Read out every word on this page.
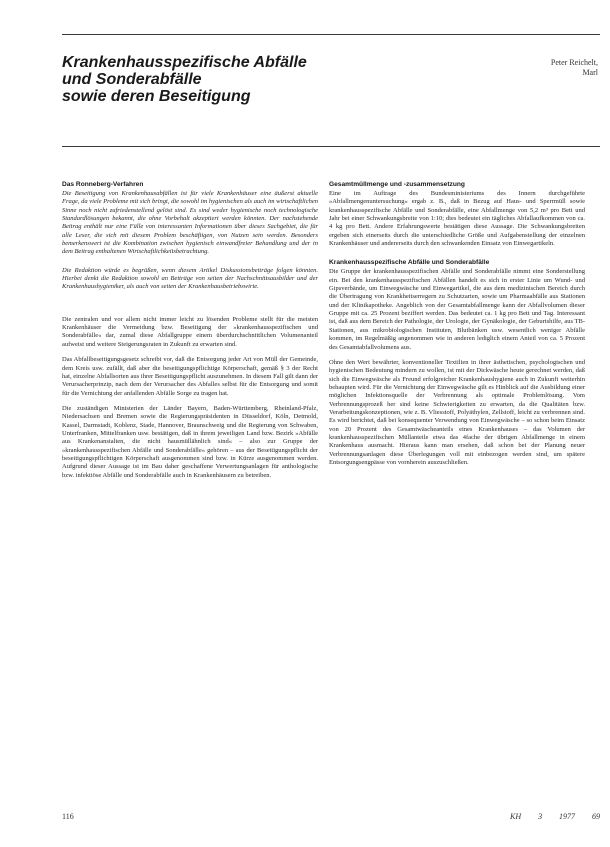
Krankenhausspezifische Abfälle
und Sonderabfälle
sowie deren Beseitigung
Peter Reichelt,
Marl
Das Ronneberg-Verfahren

Die Beseitigung von Krankenhausabfällen ist für viele Krankenhäuser eine äußerst aktuelle Frage, da viele Probleme mit sich bringt, die sowohl im hygienischen als auch im wirtschaftlichen Sinne noch nicht zufriedenstellend gelöst sind. Es sind weder hygienische noch technologische Standardlösungen bekannt, die ohne Vorbehalt akzeptiert werden könnten. Der nachstehende Beitrag enthält nur eine Fülle von interessanten Informationen über dieses Sachgebiet, die für alle Leser, die sich mit diesem Problem beschäftigen, von Nutzen sein werden. Besonders bemerkenswert ist die Kombination zwischen hygienisch einwandfreier Behandlung und der in dem Beitrag enthaltenen Wirtschaftlichkeitsbetrachtung.

Die Redaktion würde es begrüßen, wenn diesem Artikel Diskussionsbeiträge folgen könnten. Hierbei denkt die Redaktion sowohl an Beiträge von seiten der Nachschnittsausbilder und der Krankenhaushygieniker, als auch von seiten der Krankenhausbetriebswirte.

Die zentralen und vor allem nicht immer leicht zu lösenden Probleme stellt für die meisten Krankenhäuser die Vermeidung bzw. Beseitigung der »krankenhausspezifischen und Sonderabfälle« dar, zumal diese Abfallgruppe einem überdurchschnittlichen Volumenanteil aufweist und weitere Steigerungsraten in Zukunft zu erwarten sind.

Das Abfallbeseitigungsgesetz schreibt vor, daß die Entsorgung jeder Art von Müll der Gemeinde, dem Kreis usw. zufällt, daß aber die beseitigungspflichtige Körperschaft, gemäß § 3 der Recht hat, einzelne Abfallsorten aus ihrer Beseitigungspflicht auszunehmen. In diesem Fall gilt dann der Verursacherprinzip, nach dem der Verursacher des Abfalles selbst für die Entsorgung und somit für die Vernichtung der anfallenden Abfälle Sorge zu tragen hat.

Die zuständigen Ministerien der Länder Bayern, Baden-Württemberg, Rheinland-Pfalz, Niedersachsen und Bremen sowie die Regierungspräsidenten in Düsseldorf, Köln, Detmold, Kassel, Darmstadt, Koblenz, Stade, Hannover, Braunschweig und die Regierung von Schwaben, Unterfranken, Mittelfranken usw. bestätigen, daß in ihrem jeweiligen Land bzw. Bezirk »Abfälle aus Krankenanstalten, die nicht hausmüllähnlich sind« – also zur Gruppe der »krankenhausspezifischen Abfälle und Sonderabfälle« gehören – aus der Beseitigungspflicht der beseitigungspflichtigen Körperschaft ausgenommen sind bzw. in Kürze ausgenommen werden. Aufgrund dieser Aussage ist im Bau daher geschaffene Verwertungsanlagen für anthologische bzw. infektiöse Abfälle und Sonderabfälle auch in Krankenhäusern zu betreiben.

Gesamtmüllmenge und -zusammensetzung

Eine im Auftrage des Bundesministeriums des Innern durchgeführte »Abfallmengenuntersuchung« ergab z. B., daß in Bezug auf Haus- und Sperrmüll sowie krankenhausspezifische Abfälle und Sonderabfälle, eine Abfallmenge von 5,2 m³ pro Bett und Jahr bei einer Schwankungsbreite von 1:10; dies bedeutet ein tägliches Abfallaufkommen von ca. 4 kg pro Bett. Andere Erfahrungswerte bestätigen diese Aussage. Die Schwankungsbreiten ergeben sich einerseits durch die unterschiedliche Größe und Aufgabenstellung der einzelnen Krankenhäuser und andererseits durch den schwankenden Einsatz von Einwegartikeln.

Krankenhausspezifische Abfälle und Sonderabfälle

Die Gruppe der krankenhausspezifischen Abfälle und Sonderabfälle nimmt eine Sonderstellung ein. Bei den krankenhausspezifischen Abfällen handelt es sich in erster Linie um Wund- und Gipsverbände, um Einwegwäsche und Einwegartikel, die aus dem medizinischen Bereich durch die Übertragung von Krankheitserregern zu Schutzarten, sowie um Pharmaabfälle aus Stationen und der Klinikapotheke. Angeblich von der Gesamtabfallmenge kann der Abfallvolumen dieser Gruppe mit ca. 25 Prozent beziffert werden. Das bedeutet ca. 1 kg pro Bett und Tag. Interessant ist, daß aus dem Bereich der Pathologie, der Urologie, der Gynäkologie, der Geburtshilfe, aus TB-Stationen, aus mikrobiologischen Instituten, Blutbänken usw. wesentlich weniger Abfälle kommen, im Regelmäßig angenommen wie in anderen lediglich einem Anteil von ca. 5 Prozent des Gesamtabfallvolumens aus.

Ohne den Wert bewährter, konventioneller Textilien in ihrer ästhetischen, psychologischen und hygienischen Bedeutung mindern zu wollen, ist mit der Dickwäsche heute gerechnet werden, daß sich die Einwegwäsche als Freund erfolgreicher Krankenhaushygiene auch in Zukunft weiterhin behaupten wird. Für die Vernichtung der Einwegwäsche gilt es Hinblick auf die Ausbildung einer möglichen Infektionsquelle der Verbrennung als optimale Problemlösung. Vom Verbrennungsprozeß her sind keine Schwierigkeiten zu erwarten, da die Qualitäten bzw. Verarbeitungskonzeptionen, wie z. B. Vliesstoff, Polyäthylen, Zellstoff, leicht zu verbrennen sind. Es wird berichtet, daß bei konsequenter Verwendung von Einwegwäsche – so schon beim Einsatz von 20 Prozent des Gesamtwäscheanteils eines Krankenhauses – das Volumen der krankenhausspezifischen Müllanteile etwa das 4fache der übrigen Abfallmenge in einem Krankenhaus ausmacht. Hieraus kann man ersehen, daß schon bei der Planung neuer Verbrennungsanlagen diese Überlegungen voll mit einbezogen werden sind, um spätere Entsorgungsengpässe von vornherein auszuschließen.

116	KH 3 1977 69
